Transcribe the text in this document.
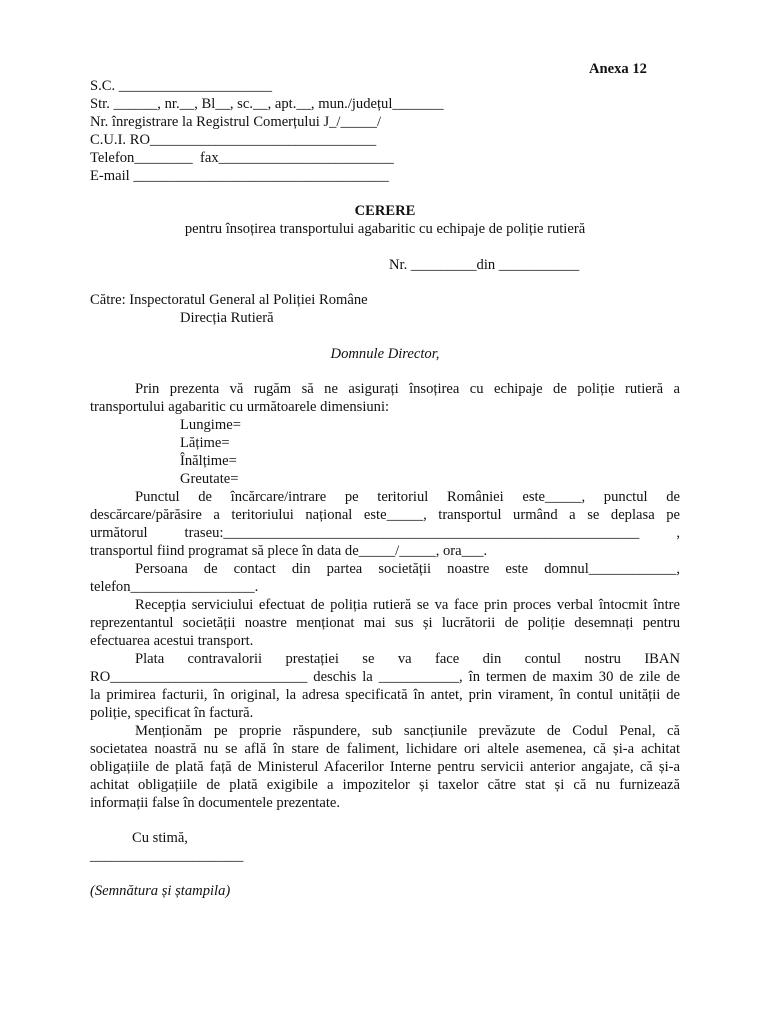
Anexa 12
S.C. _____________________
Str. ______, nr.__, Bl__, sc.__, apt.__, mun./județul_______
Nr. înregistrare la Registrul Comerțului J_/_____/
C.U.I. RO_______________________________
Telefon________  fax________________________
E-mail ___________________________________
CERERE
pentru însoțirea transportului agabaritic cu echipaje de poliție rutieră
Nr. _________din ___________
Către: Inspectoratul General al Poliției Române
Direcția Rutieră
Domnule Director,
Prin prezenta vă rugăm să ne asigurați însoțirea cu echipaje de poliție rutieră a
transportului agabaritic cu următoarele dimensiuni:
Lungime=
Lățime=
Înălțime=
Greutate=
Punctul de încărcare/intrare pe teritoriul României este_____, punctul de
descărcare/părăsire a teritoriului național este_____, transportul urmând a se deplasa pe
următorul traseu:_________________________________________________________ ,
transportul fiind programat să plece în data de_____/_____, ora___.
Persoana de contact din partea societății noastre este domnul____________,
telefon_________________.
Recepția serviciului efectuat de poliția rutieră se va face prin proces verbal întocmit între
reprezentantul societății noastre menționat mai sus și lucrătorii de poliție desemnați pentru
efectuarea acestui transport.
Plata contravalorii prestației se va face din contul nostru IBAN
RO___________________________ deschis la ___________, în termen de maxim 30 de zile de
la primirea facturii, în original, la adresa specificată în antet, prin virament, în contul unității de
poliție, specificat în factură.
Menționăm pe proprie răspundere, sub sancțiunile prevăzute de Codul Penal, că
societatea noastră nu se află în stare de faliment, lichidare ori altele asemenea, că și-a achitat
obligațiile de plată față de Ministerul Afacerilor Interne pentru servicii anterior angajate, că și-a
achitat obligațiile de plată exigibile a impozitelor și taxelor către stat și că nu furnizează
informații false în documentele prezentate.
Cu stimă,
_____________________
(Semnătura și ștampila)
